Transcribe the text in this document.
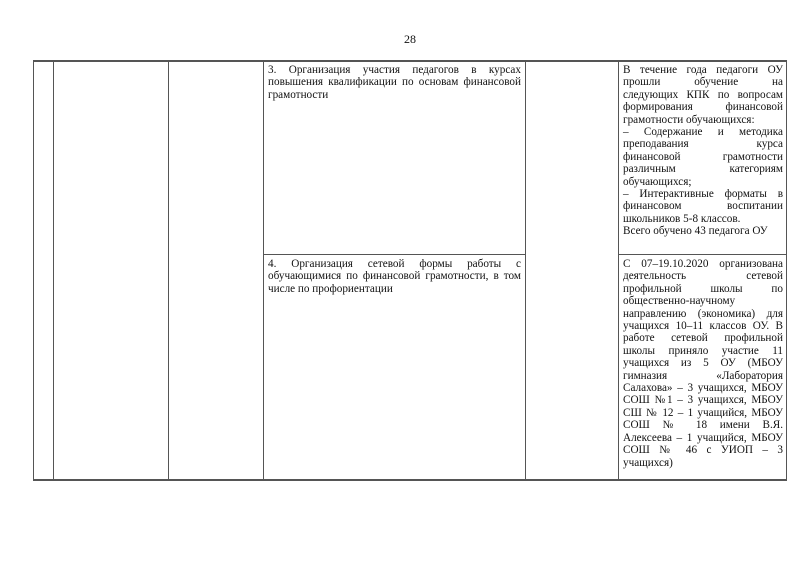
28
3. Организация участия педагогов в курсах
повышения квалификации по основам финансовой
грамотности
В течение года педагоги ОУ
прошли обучение на
следующих КПК по вопросам
формирования финансовой
грамотности обучающихся:
– Содержание и методика
преподавания курса
финансовой грамотности
различным категориям
обучающихся;
– Интерактивные форматы в
финансовом воспитании
школьников 5-8 классов.
Всего обучено 43 педагога ОУ
4. Организация сетевой формы работы с
обучающимися по финансовой грамотности, в том
числе по профориентации
С 07–19.10.2020 организована
деятельность сетевой
профильной школы по
общественно-научному
направлению (экономика) для
учащихся 10–11 классов ОУ. В
работе сетевой профильной
школы приняло участие 11
учащихся из 5 ОУ (МБОУ
гимназия «Лаборатория
Салахова» – 3 учащихся, МБОУ
СОШ №1 – 3 учащихся, МБОУ
СШ № 12 – 1 учащийся, МБОУ
СОШ № 18 имени В.Я.
Алексеева – 1 учащийся, МБОУ
СОШ № 46 с УИОП – 3
учащихся)
